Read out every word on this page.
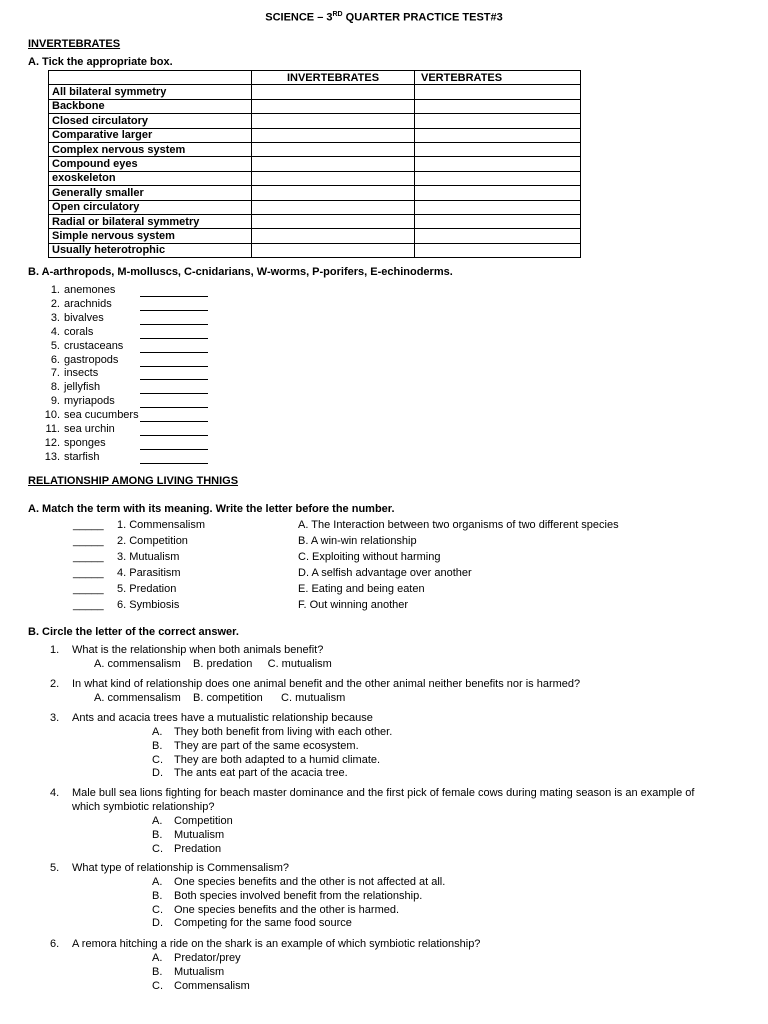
SCIENCE – 3RD QUARTER PRACTICE TEST#3
INVERTEBRATES
A. Tick the appropriate box.
	INVERTEBRATES	VERTEBRATES
All bilateral symmetry		
Backbone		
Closed circulatory		
Comparative larger		
Complex nervous system		
Compound eyes		
exoskeleton		
Generally smaller		
Open circulatory		
Radial or bilateral symmetry		
Simple nervous system		
Usually heterotrophic		
B. A-arthropods, M-molluscs, C-cnidarians, W-worms, P-porifers, E-echinoderms.
1. anemones
2. arachnids
3. bivalves
4. corals
5. crustaceans
6. gastropods
7. insects
8. jellyfish
9. myriapods
10. sea cucumbers
11. sea urchin
12. sponges
13. starfish
RELATIONSHIP AMONG LIVING THNIGS
A. Match the term with its meaning. Write the letter before the number.
_____ 1. Commensalism	A. The Interaction between two organisms of two different species
_____ 2. Competition	B. A win-win relationship
_____ 3. Mutualism	C. Exploiting without harming
_____ 4. Parasitism	D. A selfish advantage over another
_____ 5. Predation	E. Eating and being eaten
_____ 6. Symbiosis	F. Out winning another
B. Circle the letter of the correct answer.
1. What is the relationship when both animals benefit?
A. commensalism    B. predation     C. mutualism
2. In what kind of relationship does one animal benefit and the other animal neither benefits nor is harmed?
A. commensalism    B. competition      C. mutualism
3. Ants and acacia trees have a mutualistic relationship because
A. They both benefit from living with each other.
B. They are part of the same ecosystem.
C. They are both adapted to a humid climate.
D. The ants eat part of the acacia tree.
4. Male bull sea lions fighting for beach master dominance and the first pick of female cows during mating season is an example of
which symbiotic relationship?
A. Competition
B. Mutualism
C. Predation
5. What type of relationship is Commensalism?
A. One species benefits and the other is not affected at all.
B. Both species involved benefit from the relationship.
C. One species benefits and the other is harmed.
D. Competing for the same food source
6. A remora hitching a ride on the shark is an example of which symbiotic relationship?
A. Predator/prey
B. Mutualism
C. Commensalism
